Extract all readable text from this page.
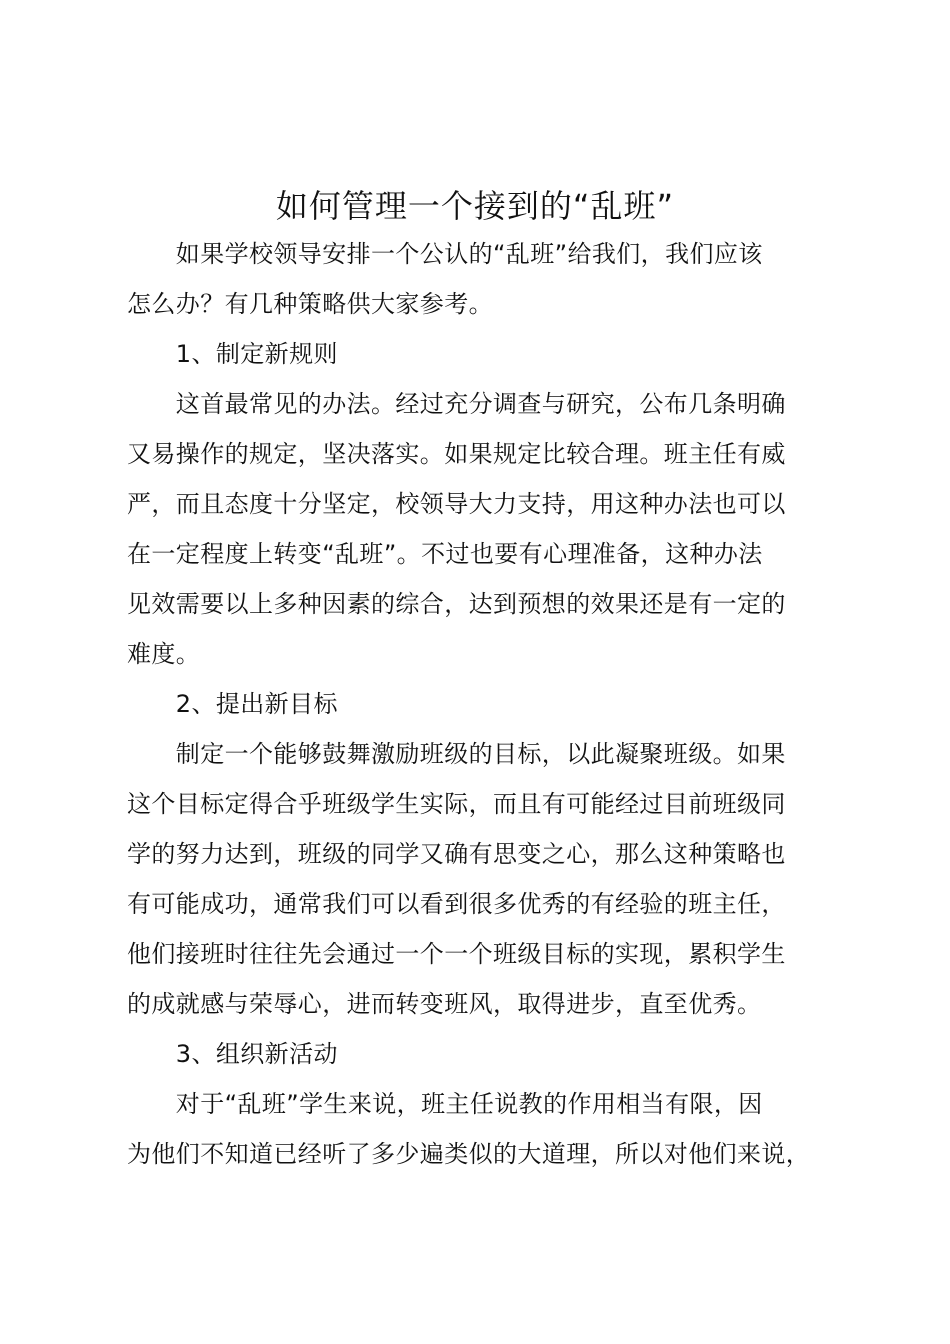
如何管理一个接到的“乱班”
　　如果学校领导安排一个公认的“乱班”给我们，我们应该
怎么办？有几种策略供大家参考。
　　1、制定新规则
　　这首最常见的办法。经过充分调查与研究，公布几条明确
又易操作的规定，坚决落实。如果规定比较合理。班主任有威
严，而且态度十分坚定，校领导大力支持，用这种办法也可以
在一定程度上转变“乱班”。不过也要有心理准备，这种办法
见效需要以上多种因素的综合，达到预想的效果还是有一定的
难度。
　　2、提出新目标
　　制定一个能够鼓舞激励班级的目标，以此凝聚班级。如果
这个目标定得合乎班级学生实际，而且有可能经过目前班级同
学的努力达到，班级的同学又确有思变之心，那么这种策略也
有可能成功，通常我们可以看到很多优秀的有经验的班主任，
他们接班时往往先会通过一个一个班级目标的实现，累积学生
的成就感与荣辱心，进而转变班风，取得进步，直至优秀。
　　3、组织新活动
　　对于“乱班”学生来说，班主任说教的作用相当有限，因
为他们不知道已经听了多少遍类似的大道理，所以对他们来说，
